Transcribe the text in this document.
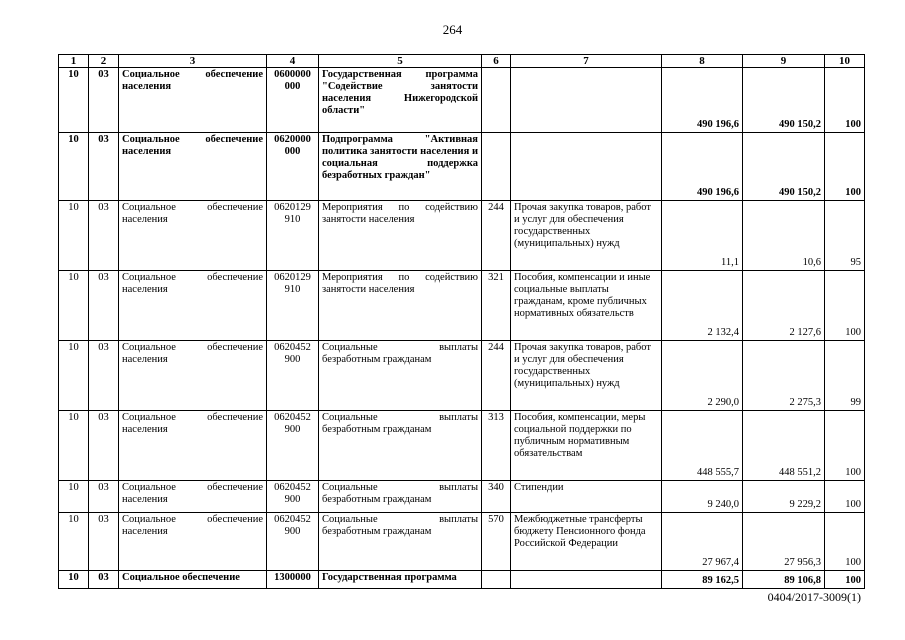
264
1	2	3	4	5	6	7	8	9	10
10	03	Социальное обеспечение населения	0600000 000	Государственная программа "Содействие занятости населения Нижегородской области"			490 196,6	490 150,2	100
10	03	Социальное обеспечение населения	0620000 000	Подпрограмма "Активная политика занятости населения и социальная поддержка безработных граждан"			490 196,6	490 150,2	100
10	03	Социальное обеспечение населения	0620129 910	Мероприятия по содействию занятости населения	244	Прочая закупка товаров, работ и услуг для обеспечения государственных (муниципальных) нужд	11,1	10,6	95
10	03	Социальное обеспечение населения	0620129 910	Мероприятия по содействию занятости населения	321	Пособия, компенсации и иные социальные выплаты гражданам, кроме публичных нормативных обязательств	2 132,4	2 127,6	100
10	03	Социальное обеспечение населения	0620452 900	Социальные выплаты безработным гражданам	244	Прочая закупка товаров, работ и услуг для обеспечения государственных (муниципальных) нужд	2 290,0	2 275,3	99
10	03	Социальное обеспечение населения	0620452 900	Социальные выплаты безработным гражданам	313	Пособия, компенсации, меры социальной поддержки по публичным нормативным обязательствам	448 555,7	448 551,2	100
10	03	Социальное обеспечение населения	0620452 900	Социальные выплаты безработным гражданам	340	Стипендии	9 240,0	9 229,2	100
10	03	Социальное обеспечение населения	0620452 900	Социальные выплаты безработным гражданам	570	Межбюджетные трансферты бюджету Пенсионного фонда Российской Федерации	27 967,4	27 956,3	100
10	03	Социальное обеспечение	1300000	Государственная программа			89 162,5	89 106,8	100
0404/2017-3009(1)
